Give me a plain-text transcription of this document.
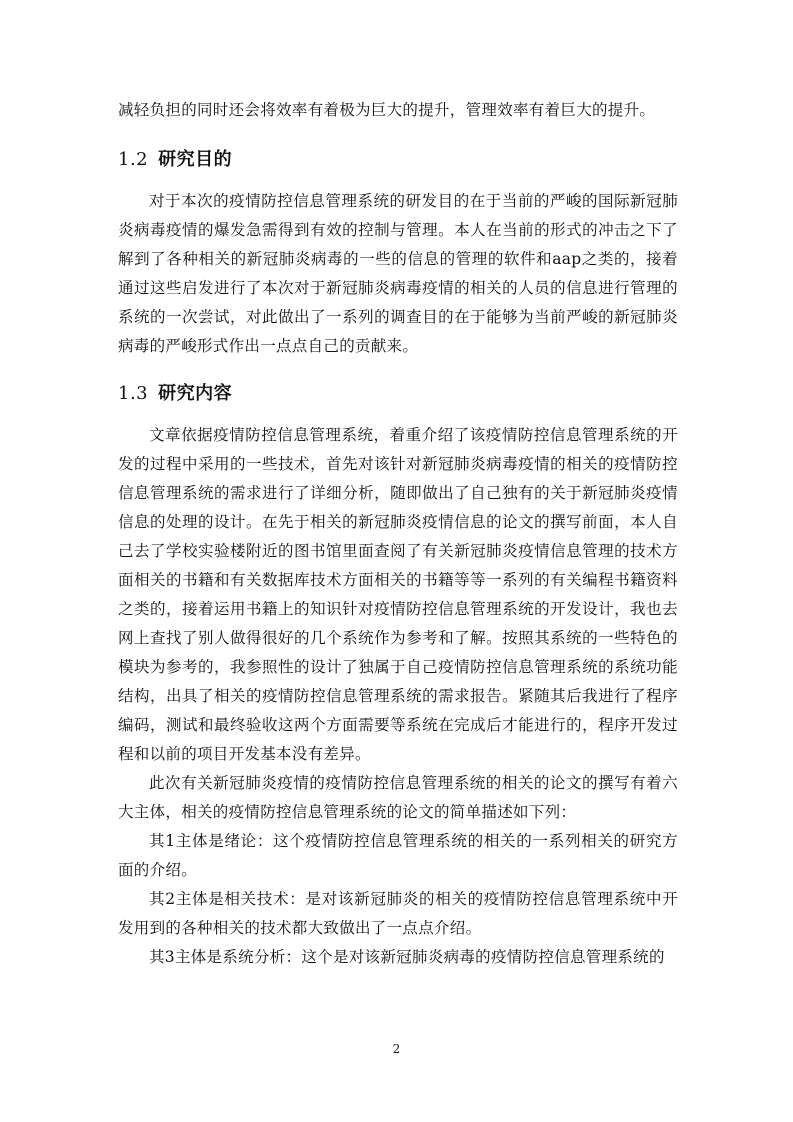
减轻负担的同时还会将效率有着极为巨大的提升，管理效率有着巨大的提升。

1.2 研究目的

对于本次的疫情防控信息管理系统的研发目的在于当前的严峻的国际新冠肺炎病毒疫情的爆发急需得到有效的控制与管理。本人在当前的形式的冲击之下了解到了各种相关的新冠肺炎病毒的一些的信息的管理的软件和aap之类的，接着通过这些启发进行了本次对于新冠肺炎病毒疫情的相关的人员的信息进行管理的系统的一次尝试，对此做出了一系列的调查目的在于能够为当前严峻的新冠肺炎病毒的严峻形式作出一点点自己的贡献来。

1.3 研究内容

文章依据疫情防控信息管理系统，着重介绍了该疫情防控信息管理系统的开发的过程中采用的一些技术，首先对该针对新冠肺炎病毒疫情的相关的疫情防控信息管理系统的需求进行了详细分析，随即做出了自己独有的关于新冠肺炎疫情信息的处理的设计。在先于相关的新冠肺炎疫情信息的论文的撰写前面，本人自己去了学校实验楼附近的图书馆里面查阅了有关新冠肺炎疫情信息管理的技术方面相关的书籍和有关数据库技术方面相关的书籍等等一系列的有关编程书籍资料之类的，接着运用书籍上的知识针对疫情防控信息管理系统的开发设计，我也去网上查找了别人做得很好的几个系统作为参考和了解。按照其系统的一些特色的模块为参考的，我参照性的设计了独属于自己疫情防控信息管理系统的系统功能结构，出具了相关的疫情防控信息管理系统的需求报告。紧随其后我进行了程序编码，测试和最终验收这两个方面需要等系统在完成后才能进行的，程序开发过程和以前的项目开发基本没有差异。

此次有关新冠肺炎疫情的疫情防控信息管理系统的相关的论文的撰写有着六大主体，相关的疫情防控信息管理系统的论文的简单描述如下列：

其1主体是绪论：这个疫情防控信息管理系统的相关的一系列相关的研究方面的介绍。

其2主体是相关技术：是对该新冠肺炎的相关的疫情防控信息管理系统中开发用到的各种相关的技术都大致做出了一点点介绍。

其3主体是系统分析：这个是对该新冠肺炎病毒的疫情防控信息管理系统的

2
